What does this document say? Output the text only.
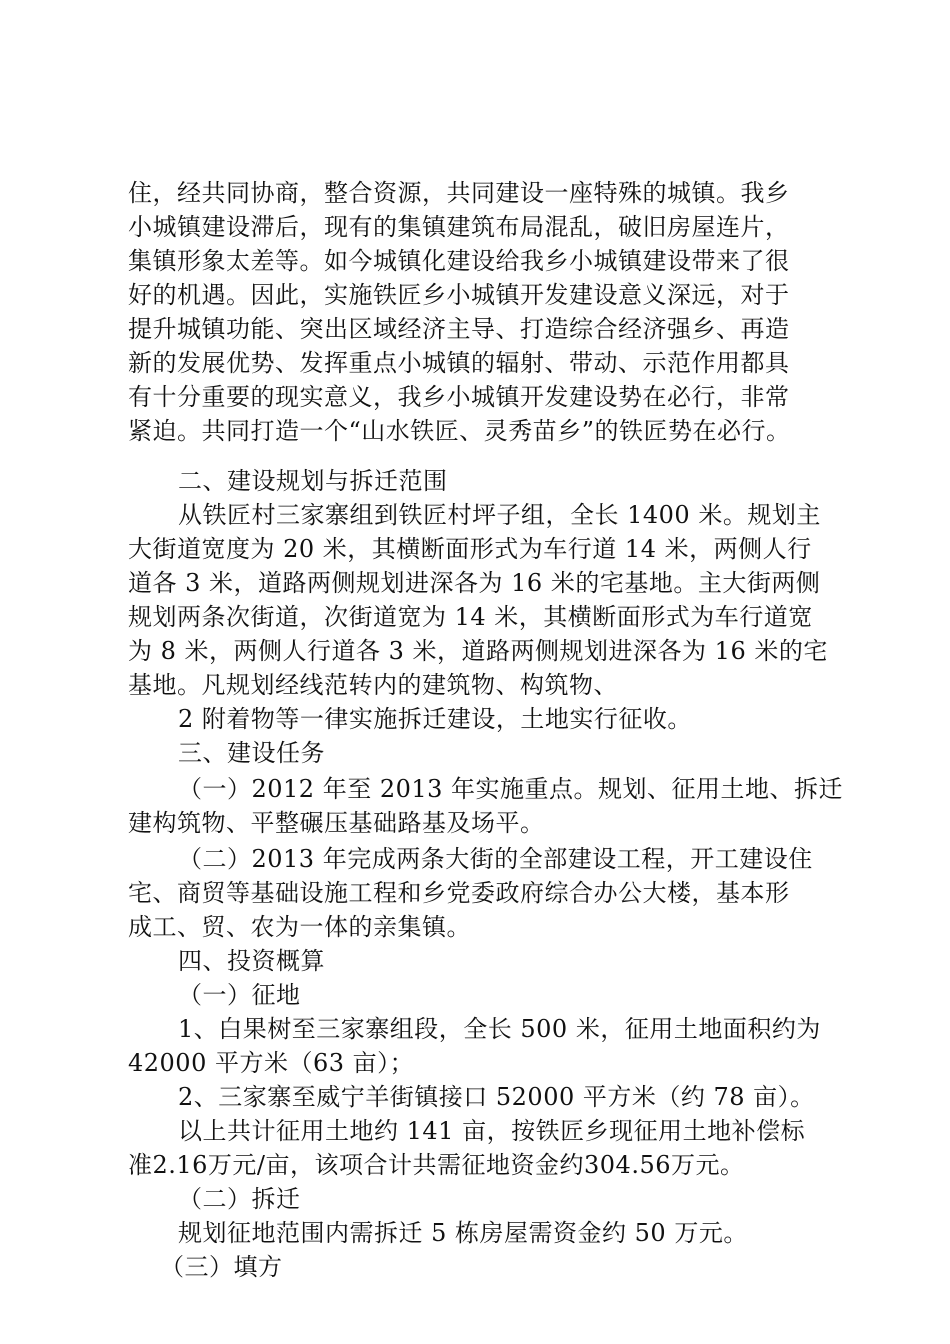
住，经共同协商，整合资源，共同建设一座特殊的城镇。我乡
小城镇建设滞后，现有的集镇建筑布局混乱，破旧房屋连片，
集镇形象太差等。如今城镇化建设给我乡小城镇建设带来了很
好的机遇。因此，实施铁匠乡小城镇开发建设意义深远，对于
提升城镇功能、突出区域经济主导、打造综合经济强乡、再造
新的发展优势、发挥重点小城镇的辐射、带动、示范作用都具
有十分重要的现实意义，我乡小城镇开发建设势在必行，非常
紧迫。共同打造一个“山水铁匠、灵秀苗乡”的铁匠势在必行。
二、建设规划与拆迁范围
从铁匠村三家寨组到铁匠村坪子组，全长 1400 米。规划主
大街道宽度为 20 米，其横断面形式为车行道 14 米，两侧人行
道各 3 米，道路两侧规划进深各为 16 米的宅基地。主大街两侧
规划两条次街道，次街道宽为 14 米，其横断面形式为车行道宽
为 8 米，两侧人行道各 3 米，道路两侧规划进深各为 16 米的宅
基地。凡规划经线范转内的建筑物、构筑物、
2 附着物等一律实施拆迁建设，土地实行征收。
三、建设任务
（一）2012 年至 2013 年实施重点。规划、征用土地、拆迁
建构筑物、平整碾压基础路基及场平。
（二）2013 年完成两条大街的全部建设工程，开工建设住
宅、商贸等基础设施工程和乡党委政府综合办公大楼，基本形
成工、贸、农为一体的亲集镇。
四、投资概算
（一）征地
1、白果树至三家寨组段，全长 500 米，征用土地面积约为
42000 平方米（63 亩）；
2、三家寨至威宁羊街镇接口 52000 平方米（约 78 亩）。
以上共计征用土地约 141 亩，按铁匠乡现征用土地补偿标
准2.16万元/亩，该项合计共需征地资金约304.56万元。
（二）拆迁
规划征地范围内需拆迁 5 栋房屋需资金约 50 万元。
（三）填方
